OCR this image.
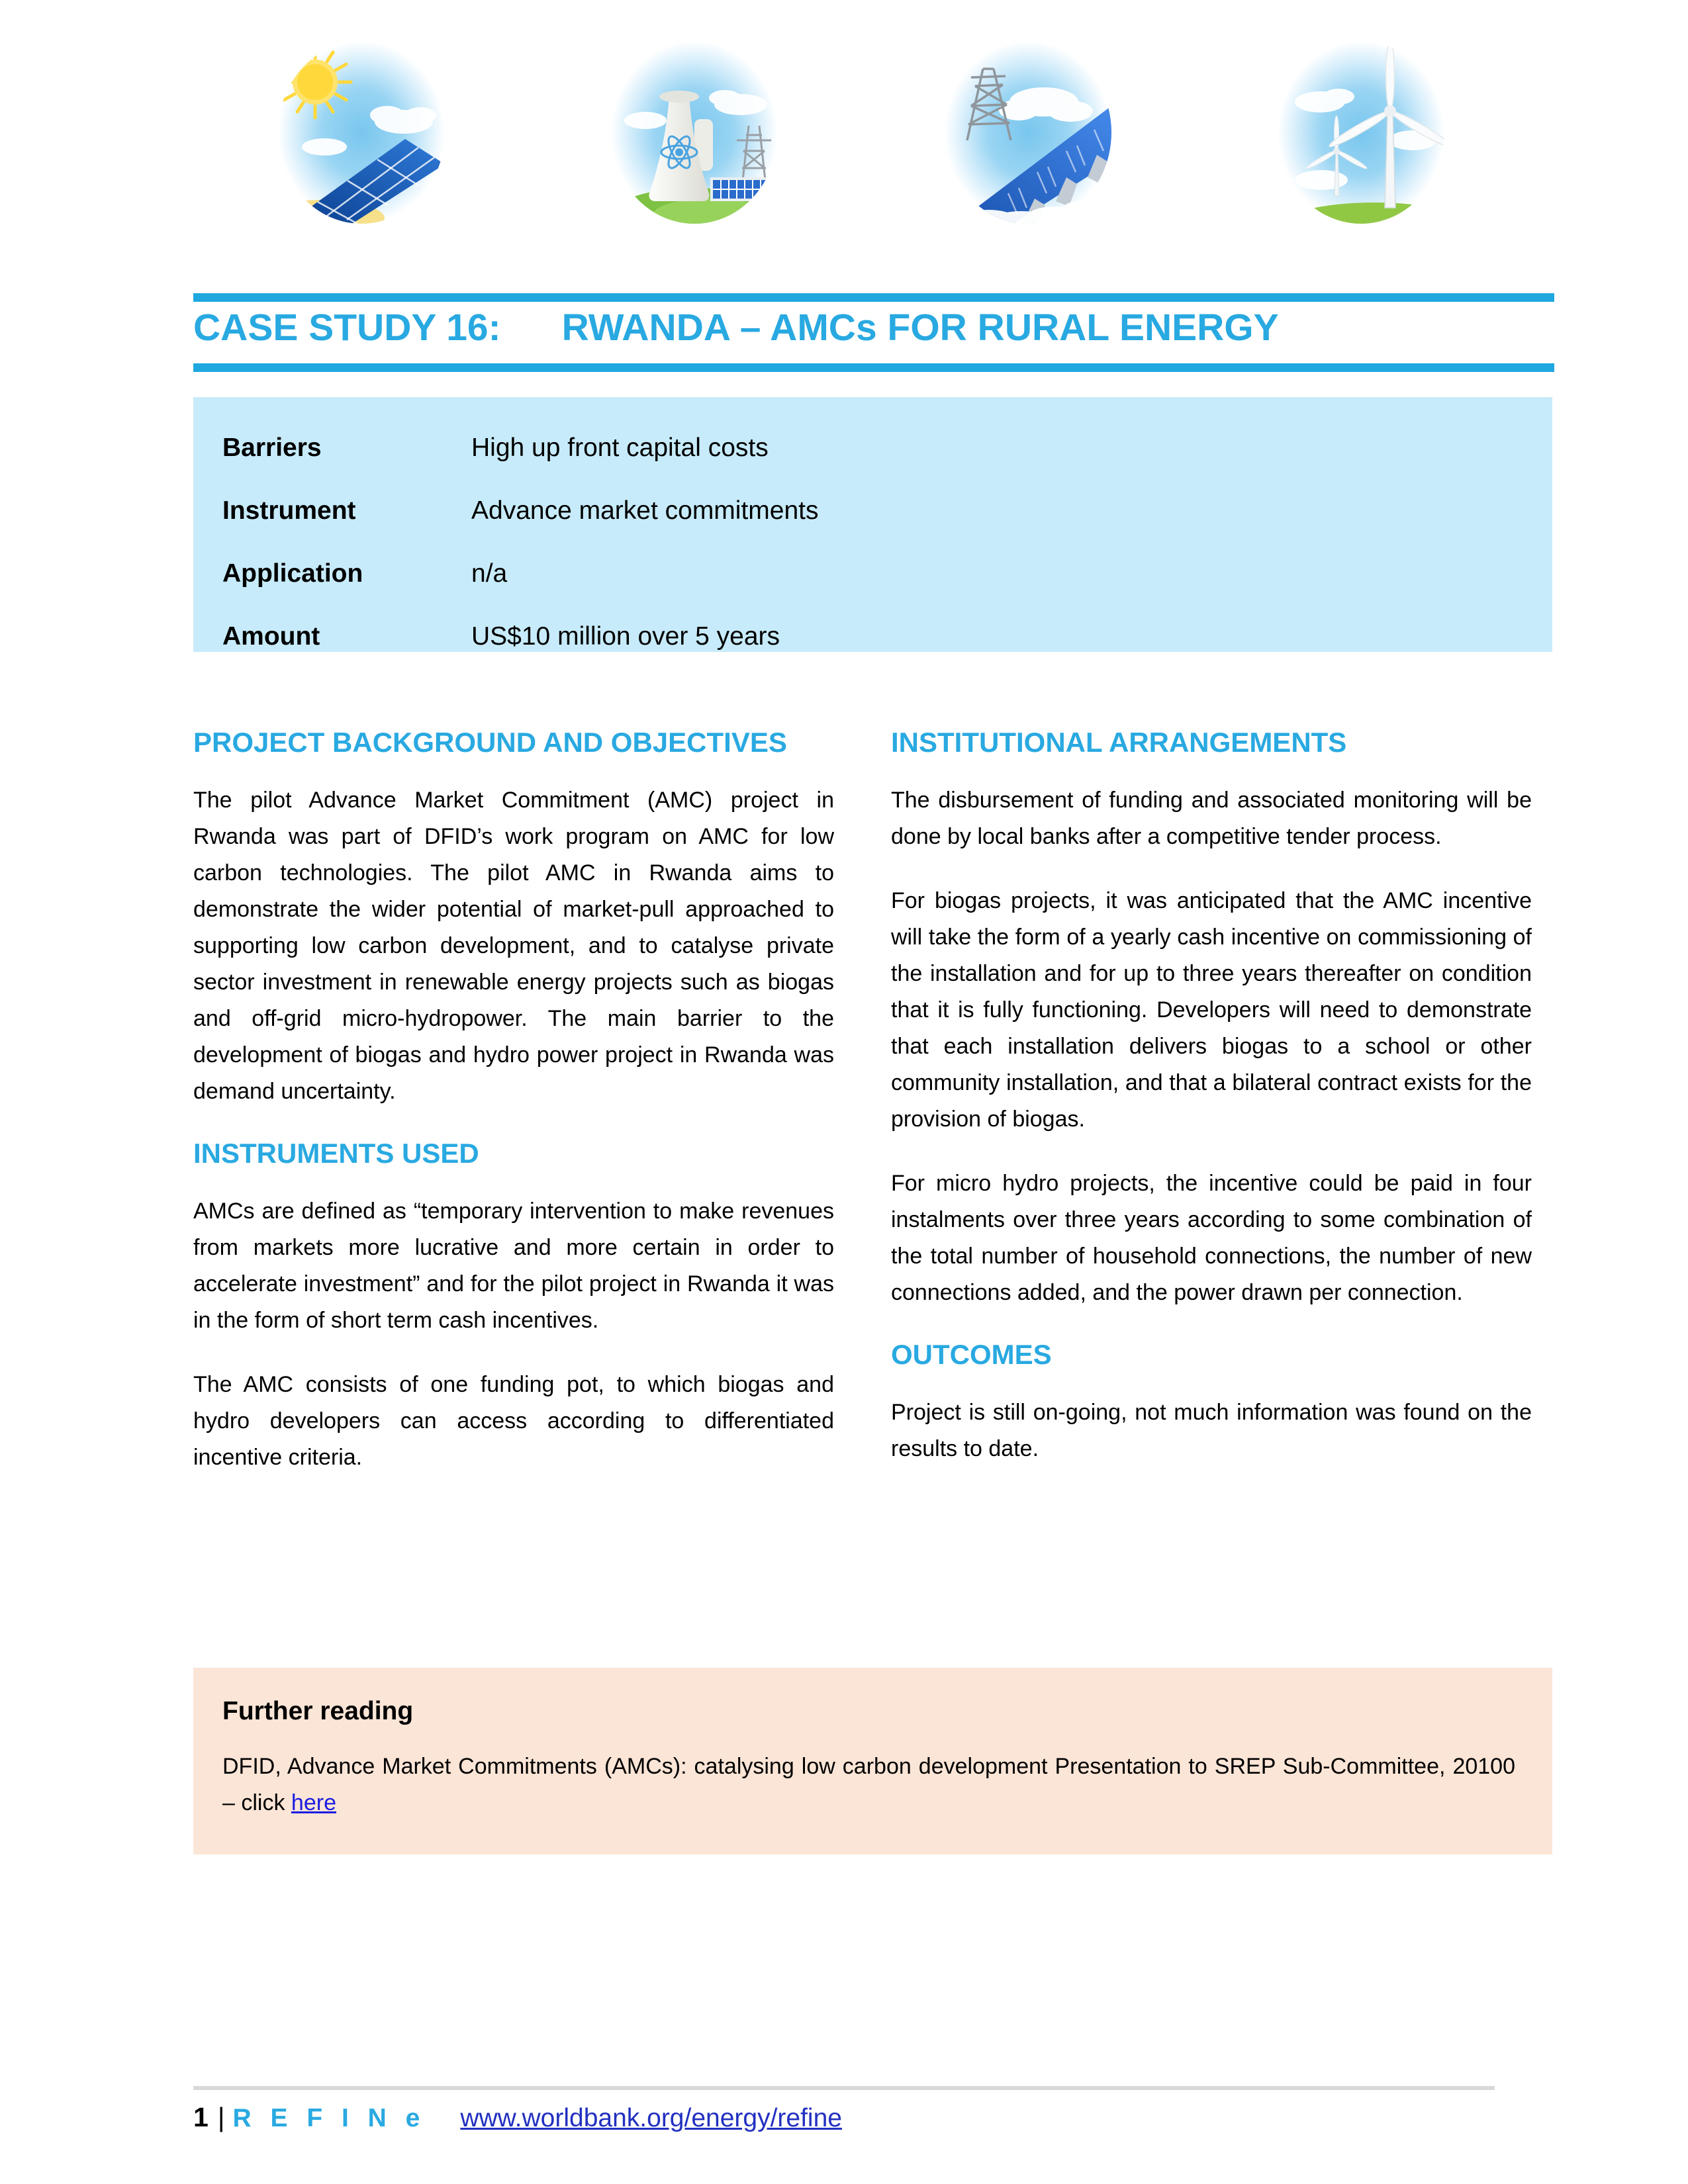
CASE STUDY 16: RWANDA – AMCs FOR RURAL ENERGY
Barriers	High up front capital costs
Instrument	Advance market commitments
Application	n/a
Amount	US$10 million over 5 years
PROJECT BACKGROUND AND OBJECTIVES

The pilot Advance Market Commitment (AMC) project in Rwanda was part of DFID’s work program on AMC for low carbon technologies. The pilot AMC in Rwanda aims to demonstrate the wider potential of market-pull approached to supporting low carbon development, and to catalyse private sector investment in renewable energy projects such as biogas and off-grid micro-hydropower. The main barrier to the development of biogas and hydro power project in Rwanda was demand uncertainty.

INSTRUMENTS USED

AMCs are defined as “temporary intervention to make revenues from markets more lucrative and more certain in order to accelerate investment” and for the pilot project in Rwanda it was in the form of short term cash incentives.

The AMC consists of one funding pot, to which biogas and hydro developers can access according to differentiated incentive criteria.

INSTITUTIONAL ARRANGEMENTS

The disbursement of funding and associated monitoring will be done by local banks after a competitive tender process.

For biogas projects, it was anticipated that the AMC incentive will take the form of a yearly cash incentive on commissioning of the installation and for up to three years thereafter on condition that it is fully functioning. Developers will need to demonstrate that each installation delivers biogas to a school or other community installation, and that a bilateral contract exists for the provision of biogas.

For micro hydro projects, the incentive could be paid in four instalments over three years according to some combination of the total number of household connections, the number of new connections added, and the power drawn per connection.

OUTCOMES

Project is still on-going, not much information was found on the results to date.

Further reading

DFID, Advance Market Commitments (AMCs): catalysing low carbon development Presentation to SREP Sub-Committee, 20100 – click here

1 | R E F I N e www.worldbank.org/energy/refine
